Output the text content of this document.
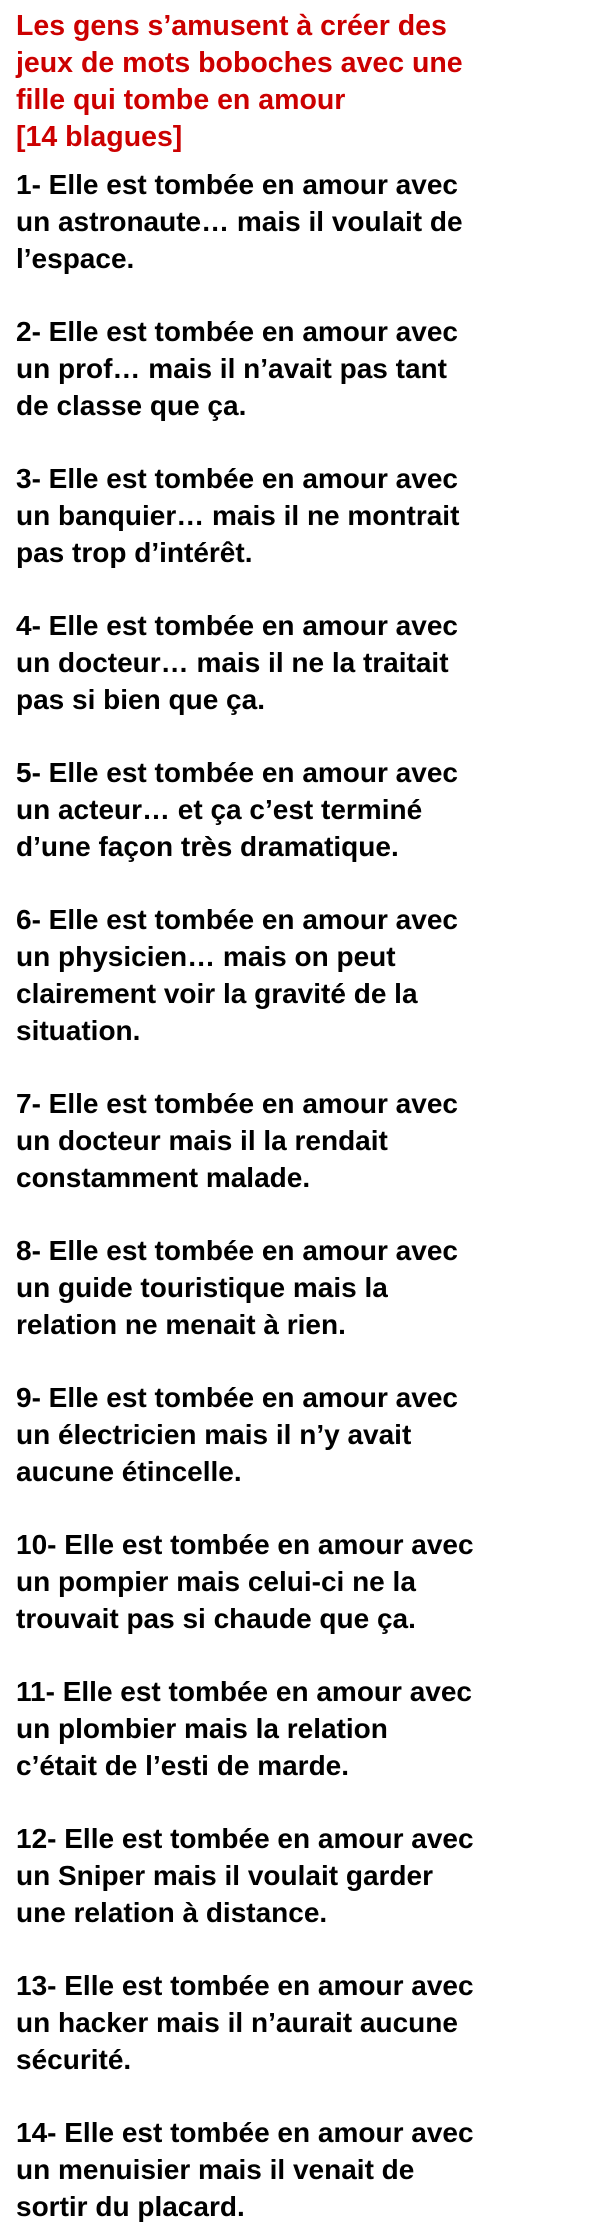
Les gens s’amusent à créer des
jeux de mots boboches avec une
fille qui tombe en amour
[14 blagues]

1- Elle est tombée en amour avec
un astronaute… mais il voulait de
l’espace.

2- Elle est tombée en amour avec
un prof… mais il n’avait pas tant
de classe que ça.

3- Elle est tombée en amour avec
un banquier… mais il ne montrait
pas trop d’intérêt.

4- Elle est tombée en amour avec
un docteur… mais il ne la traitait
pas si bien que ça.

5- Elle est tombée en amour avec
un acteur… et ça c’est terminé
d’une façon très dramatique.

6- Elle est tombée en amour avec
un physicien… mais on peut
clairement voir la gravité de la
situation.

7- Elle est tombée en amour avec
un docteur mais il la rendait
constamment malade.

8- Elle est tombée en amour avec
un guide touristique mais la
relation ne menait à rien.

9- Elle est tombée en amour avec
un électricien mais il n’y avait
aucune étincelle.

10- Elle est tombée en amour avec
un pompier mais celui-ci ne la
trouvait pas si chaude que ça.

11- Elle est tombée en amour avec
un plombier mais la relation
c’était de l’esti de marde.

12- Elle est tombée en amour avec
un Sniper mais il voulait garder
une relation à distance.

13- Elle est tombée en amour avec
un hacker mais il n’aurait aucune
sécurité.

14- Elle est tombée en amour avec
un menuisier mais il venait de
sortir du placard.
